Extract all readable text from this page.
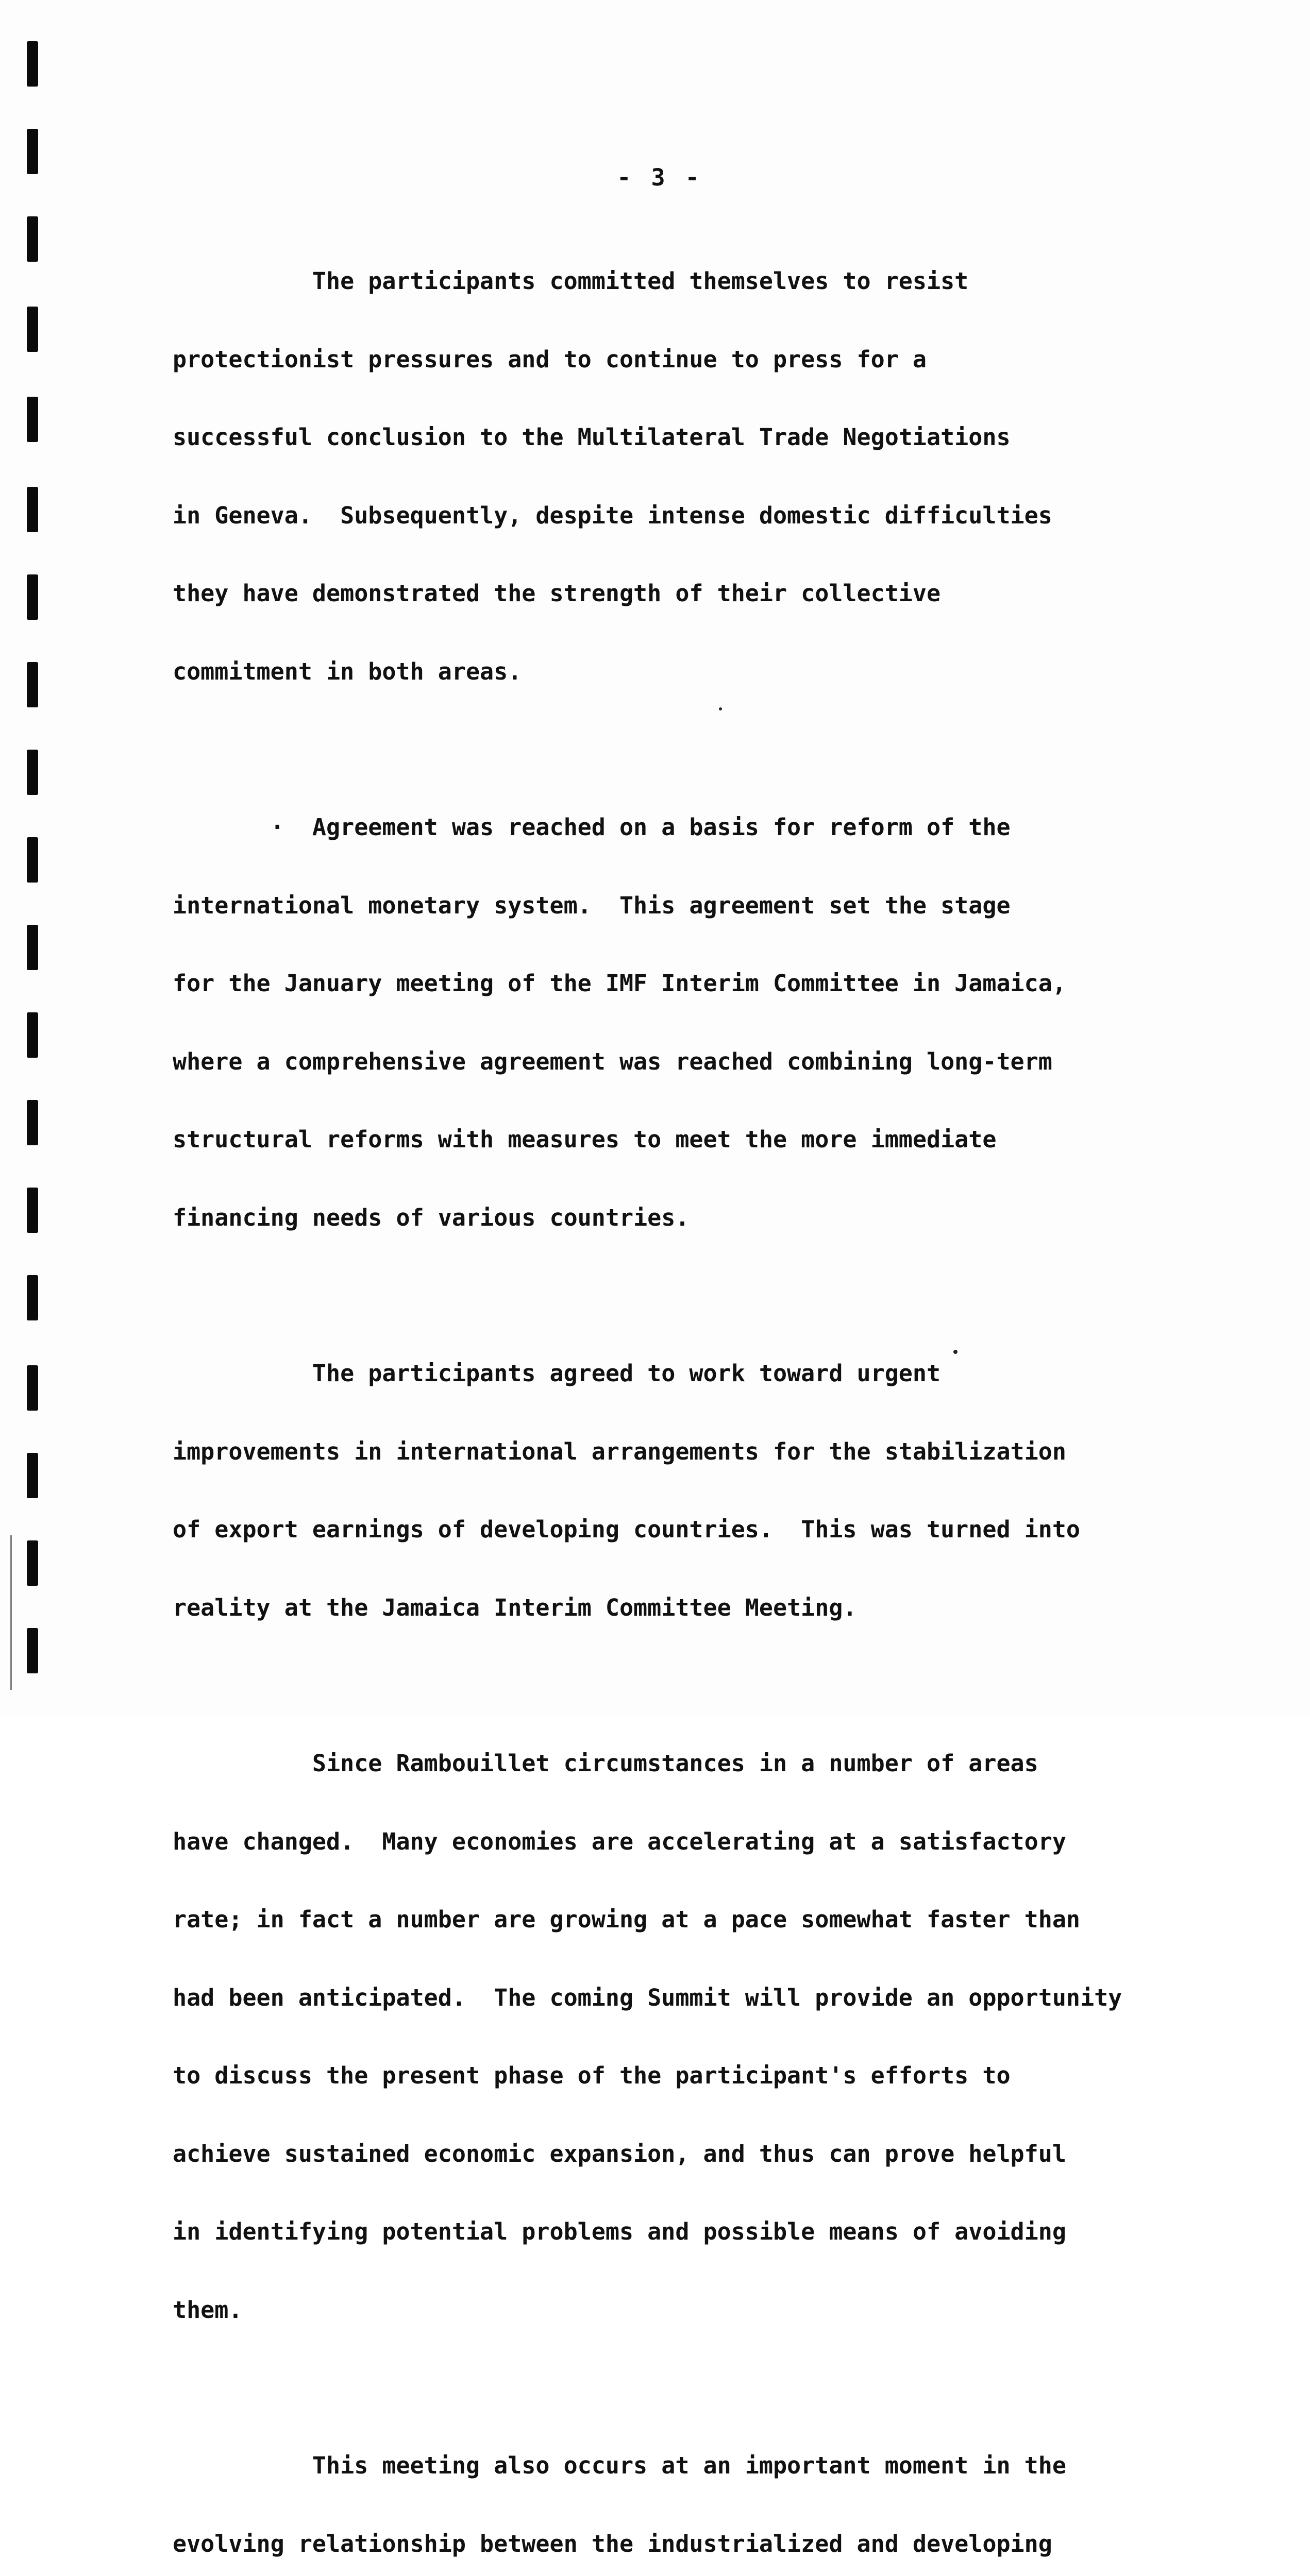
- 3 -

The participants committed themselves to resist

protectionist pressures and to continue to press for a

successful conclusion to the Multilateral Trade Negotiations

in Geneva.  Subsequently, despite intense domestic difficulties

they have demonstrated the strength of their collective

commitment in both areas.

·  Agreement was reached on a basis for reform of the

international monetary system.  This agreement set the stage

for the January meeting of the IMF Interim Committee in Jamaica,

where a comprehensive agreement was reached combining long-term

structural reforms with measures to meet the more immediate

financing needs of various countries.

The participants agreed to work toward urgent

improvements in international arrangements for the stabilization

of export earnings of developing countries.  This was turned into

reality at the Jamaica Interim Committee Meeting.

Since Rambouillet circumstances in a number of areas

have changed.  Many economies are accelerating at a satisfactory

rate; in fact a number are growing at a pace somewhat faster than

had been anticipated.  The coming Summit will provide an opportunity

to discuss the present phase of the participant's efforts to

achieve sustained economic expansion, and thus can prove helpful

in identifying potential problems and possible means of avoiding

them.

This meeting also occurs at an important moment in the

evolving relationship between the industrialized and developing
